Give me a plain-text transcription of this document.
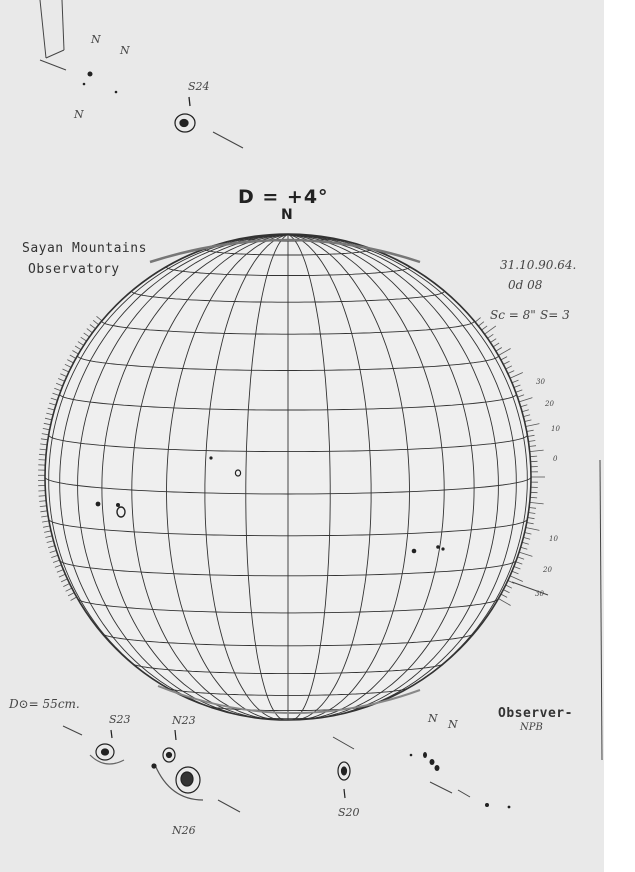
D = +4°
N
Sayan Mountains
Observatory	31.10.90.64.
0d 08
Sc = 8" S= 3
D⊙= 55cm.
Observer-
NPB
S24
S23	N23
N26
S20
N
N
N
N N
30
20
10
0
10
20
30
